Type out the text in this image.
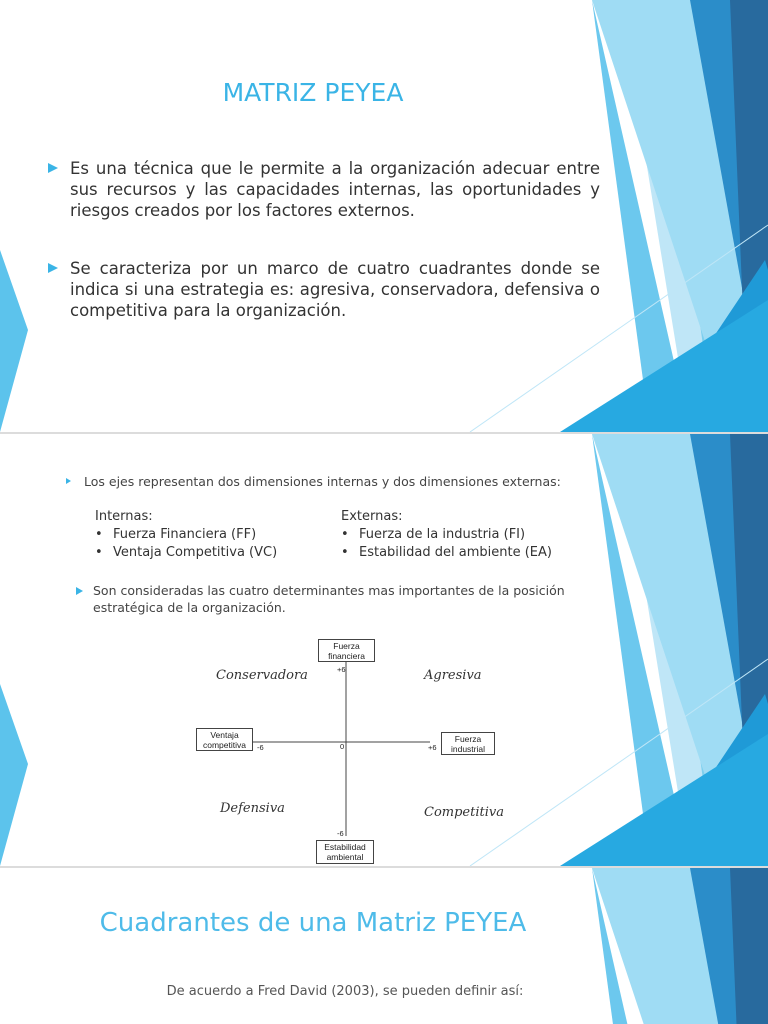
MATRIZ PEYEA
Es una técnica que le permite a la organización adecuar entre sus recursos y las capacidades internas, las oportunidades y riesgos creados por los factores externos.
Se caracteriza por un marco de cuatro cuadrantes donde se indica si una estrategia es: agresiva, conservadora, defensiva o competitiva para la organización.
Los ejes representan dos dimensiones internas y dos dimensiones externas:
Internas:
• Fuerza Financiera (FF)
• Ventaja Competitiva (VC)
Externas:
• Fuerza de la industria (FI)
• Estabilidad del ambiente (EA)
Son consideradas las cuatro determinantes mas importantes de la posición estratégica de la organización.
Fuerza financiera
Ventaja competitiva
Fuerza industrial
Estabilidad ambiental
+6
-6	0	+6
-6
Conservadora	Agresiva
Defensiva	Competitiva
Cuadrantes de una Matriz PEYEA
De acuerdo a Fred David (2003), se pueden definir así:
